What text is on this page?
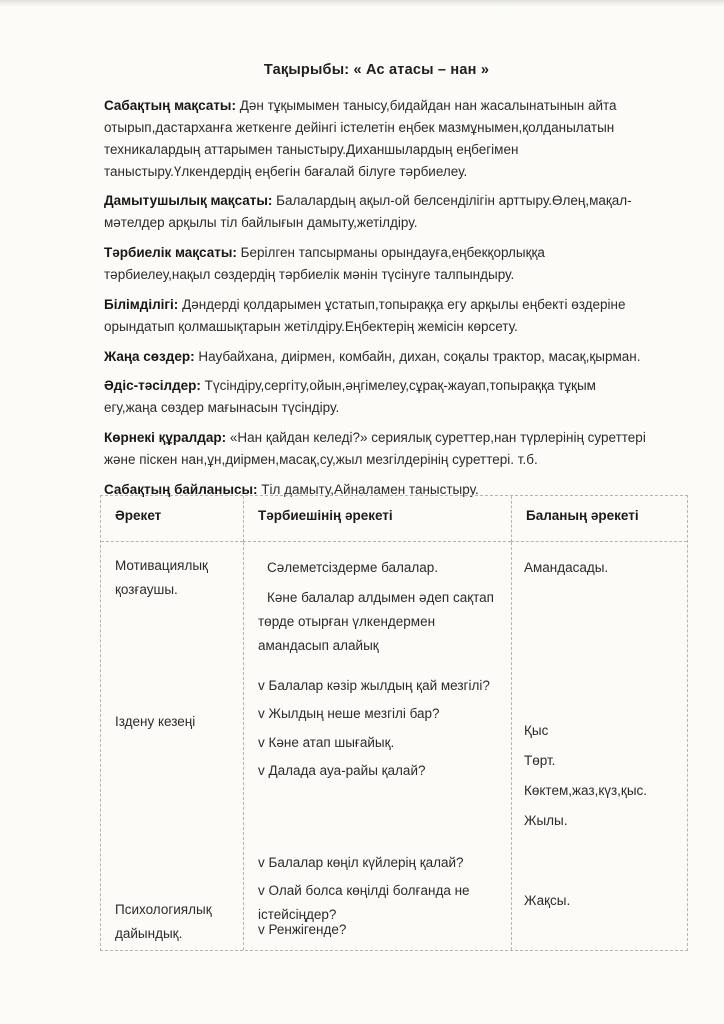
Тақырыбы: « Ас атасы – нан »

Сабақтың мақсаты: Дән тұқымымен танысу,бидайдан нан жасалынатынын айта отырып,дастарханға жеткенге дейінгі істелетін еңбек мазмұнымен,қолданылатын техникалардың аттарымен таныстыру.Диханшылардың еңбегімен таныстыру.Үлкендердің еңбегін бағалай білуге тәрбиелеу.

Дамытушылық мақсаты: Балалардың ақыл-ой белсенділігін арттыру.Өлең,мақал-мәтелдер арқылы тіл байлығын дамыту,жетілдіру.

Тәрбиелік мақсаты: Берілген тапсырманы орындауға,еңбекқорлыққа тәрбиелеу,нақыл сөздердің тәрбиелік мәнін түсінуге талпындыру.

Білімділігі: Дәндерді қолдарымен ұстатып,топыраққа егу арқылы еңбекті өздеріне орындатып қолмашықтарын жетілдіру.Еңбектерің жемісін көрсету.

Жаңа сөздер: Наубайхана, диірмен, комбайн, дихан, соқалы трактор, масақ,қырман.

Әдіс-тәсілдер: Түсіндіру,сергіту,ойын,әңгімелеу,сұрақ-жауап,топыраққа тұқым егу,жаңа сөздер мағынасын түсіндіру.

Көрнекі құралдар: «Нан қайдан келеді?» сериялық суреттер,нан түрлерінің суреттері және піскен нан,ұн,диірмен,масақ,су,жыл мезгілдерінің суреттері. т.б.

Сабақтың байланысы: Тіл дамыту,Айналамен таныстыру.

Әрекет	Тәрбиешінің әрекеті	Баланың әрекеті
Мотивациялық қозғаушы.
Іздену кезеңі
Психологиялық дайындық.
Сәлеметсіздерме балалар.
Кәне балалар алдымен әдеп сақтап төрде отырған үлкендермен амандасып алайық
v Балалар кәзір жылдың қай мезгілі?
v Жылдың неше мезгілі бар?
v Кәне атап шығайық.
v Далада ауа-райы қалай?
v Балалар көңіл күйлерің қалай?
v Олай болса көңілді болғанда не істейсіңдер?
v Ренжігенде?
Амандасады.
Қыс
Төрт.
Көктем,жаз,күз,қыс.
Жылы.
Жақсы.
